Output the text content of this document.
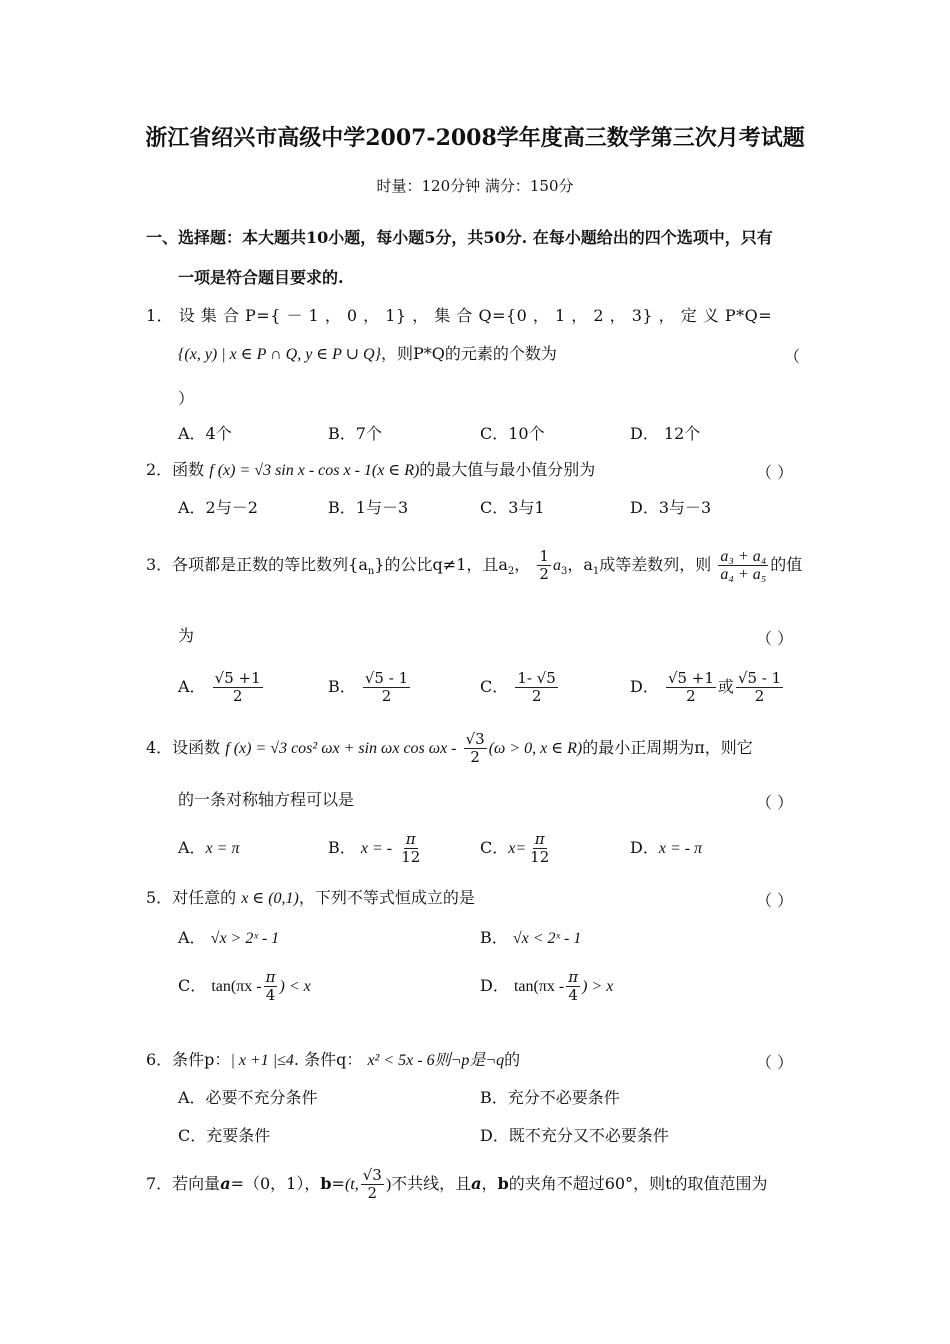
浙江省绍兴市高级中学2007-2008学年度高三数学第三次月考试题
时量：120分钟 满分：150分
一、选择题：本大题共10小题，每小题5分，共50分. 在每小题给出的四个选项中，只有
一项是符合题目要求的.
1． 设 集 合 P={ － 1 ， 0 ， 1} ， 集 合 Q={0 ， 1 ， 2 ， 3} ， 定 义 P*Q=
{(x, y) | x ∈ P ∩ Q, y ∈ P ∪ Q}，则P*Q的元素的个数为	（
）
A．4个	B．7个	C．10个	D． 12个
2．函数 f (x) = √3 sin x - cos x - 1(x ∈ R)的最大值与最小值分别为	（ ）
A．2与－2	B．1与－3	C．3与1	D．3与－3
3．各项都是正数的等比数列$\{a_n\}$的公比q≠1，且$a_2$， $\frac{1}{2} a_3$，$a_1$成等差数列，则 $\frac{\text{a₃ + a₄}}{\text{a₄ + a₅}}$ 的值
为	（ ）
A． $\frac{√5 +1}{2}$	B． $\frac{√5 - 1}{2}$	C． $\frac{1- √5}{2}$	D． $\frac{√5 +1}{2}$ 或 $\frac{√5 - 1}{2}$
4．设函数 f (x) = √3 cos² ωx + sin ωx $\cos \omega x - \frac{√3}{2} (\omega > 0$, x ∈ R)的最小正周期为π，则它
的一条对称轴方程可以是	（ ）
A．x = π	B． x = - $\frac{\pi}{12}$	C．$x= \frac{\pi}{12}$	D．x = - π
5．对任意的 x ∈ (0,1)，下列不等式恒成立的是	（ ）
A． √x > 2ˣ - 1	B． √x < 2ˣ - 1
C． $\tan(\pi x - \frac{\pi}{4}$ ) < x	D． $\tan(\pi x - \frac{\pi}{4}$ ) > x
6．条件p：| x +1 |≤4. 条件q： x² < 5x - 6则¬p是¬q的	（ ）
A．必要不充分条件	B．充分不必要条件
C．充要条件	D．既不充分又不必要条件
7．若向量a=（0，1），b=(t, $\frac{√3}{2}$ )不共线，且a，b的夹角不超过60°，则t的取值范围为
